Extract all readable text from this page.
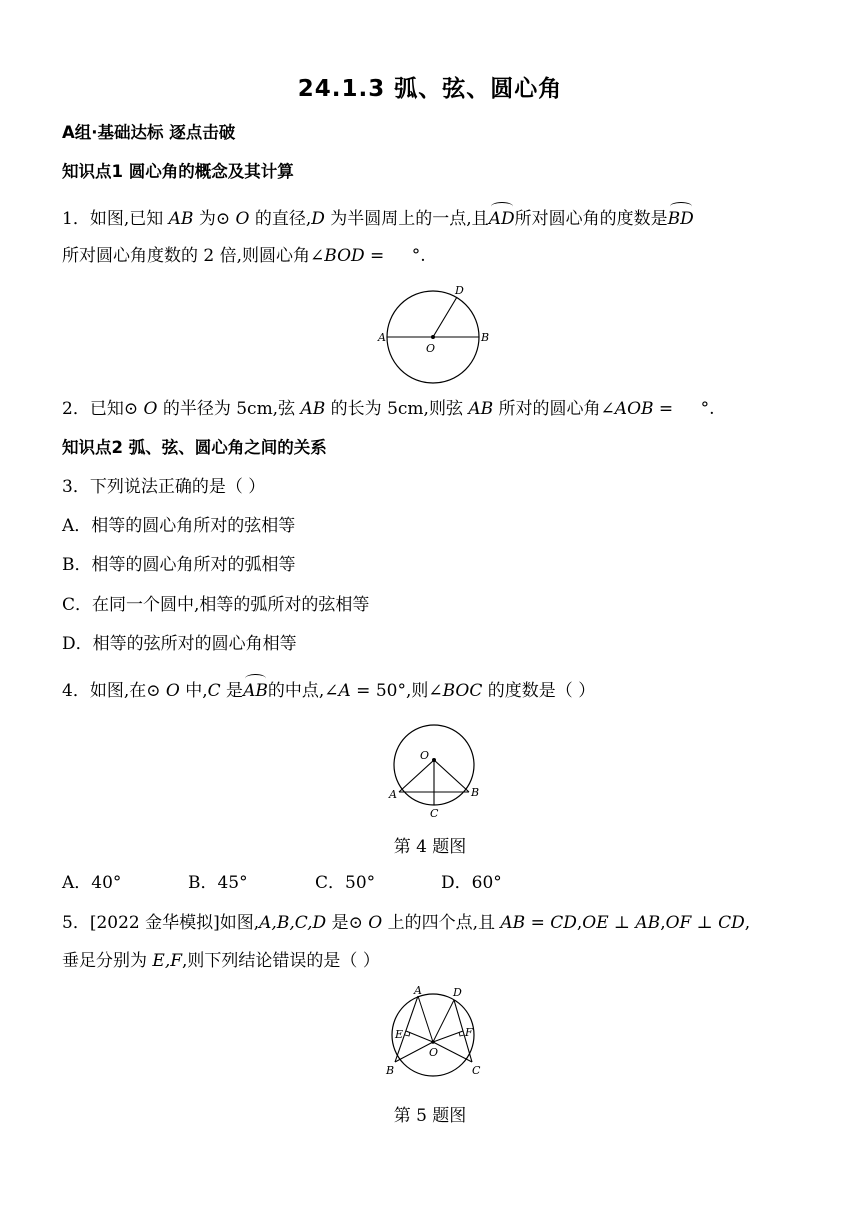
24.1.3 弧、弦、圆心角
A组·基础达标 逐点击破
知识点1 圆心角的概念及其计算
1．如图,已知 AB 为⊙ O 的直径,D 为半圆周上的一点,且AD所对圆心角的度数是BD
所对圆心角度数的 2 倍,则圆心角∠BOD = °.
A	B
O
D
2．已知⊙ O 的半径为 5cm,弦 AB 的长为 5cm,则弦 AB 所对的圆心角∠AOB = °.
知识点2 弧、弦、圆心角之间的关系
3．下列说法正确的是（ ）
A．相等的圆心角所对的弦相等
B．相等的圆心角所对的弧相等
C．在同一个圆中,相等的弧所对的弦相等
D．相等的弦所对的圆心角相等
4．如图,在⊙ O 中,C 是AB的中点,∠A = 50°,则∠BOC 的度数是（ ）
O
A	B
C
第 4 题图
A．40°	B．45°	C．50°	D．60°
5．[2022 金华模拟]如图,A,B,C,D 是⊙ O 上的四个点,且 AB = CD,OE ⊥ AB,OF ⊥ CD,
垂足分别为 E,F,则下列结论错误的是（ ）
A	D
E	F
O
B	C
第 5 题图
